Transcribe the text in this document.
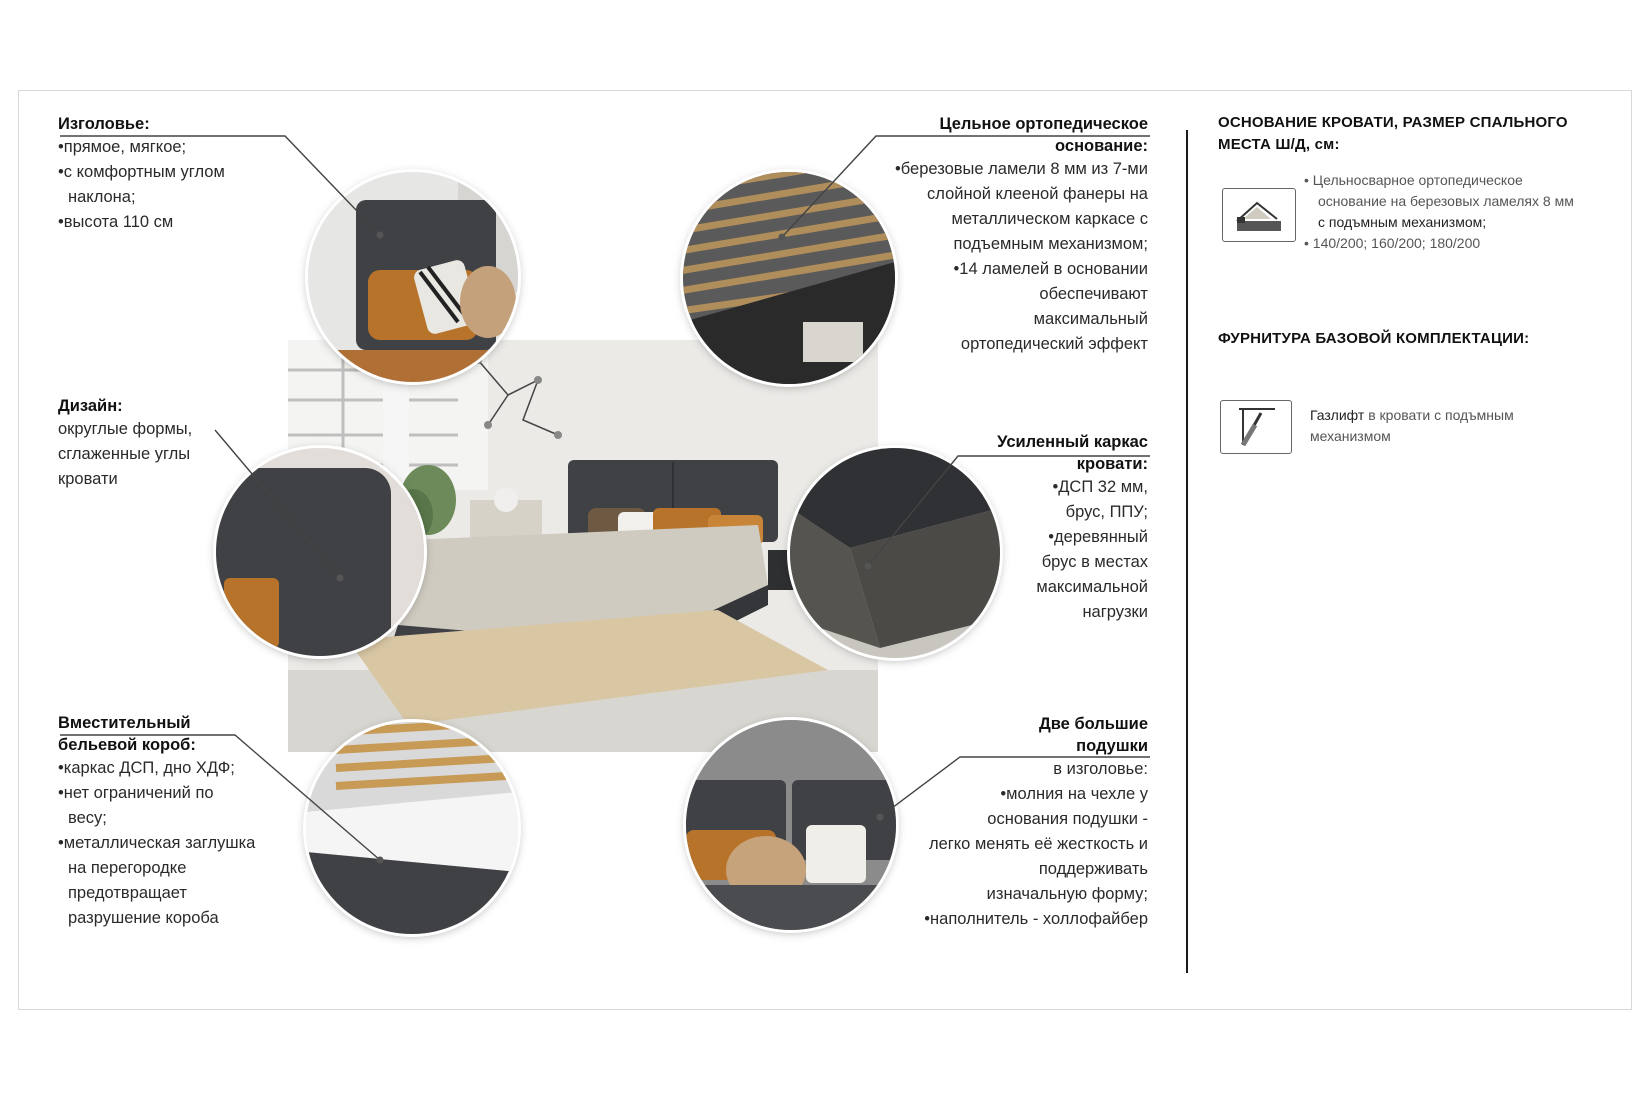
Изголовье:
•прямое, мягкое;
•с комфортным углом
наклона;
•высота 110 см
Дизайн:
округлые формы,
сглаженные углы
кровати
Вместительный
бельевой короб:
•каркас ДСП, дно ХДФ;
•нет ограничений по
весу;
•металлическая заглушка
на перегородке
предотвращает
разрушение короба
Цельное ортопедическое
основание:
•березовые ламели 8 мм из 7-ми
слойной клееной фанеры на
металлическом каркасе с
подъемным механизмом;
•14 ламелей в основании
обеспечивают
максимальный
ортопедический эффект
Усиленный каркас
кровати:
•ДСП 32 мм,
брус, ППУ;
•деревянный
брус в местах
максимальной
нагрузки
Две большие
подушки
в изголовье:
•молния на чехле у
основания подушки -
легко менять её жесткость и
поддерживать
изначальную форму;
•наполнитель - холлофайбер
ОСНОВАНИЕ КРОВАТИ, РАЗМЕР СПАЛЬНОГО
МЕСТА Ш/Д, см:
• Цельносварное ортопедическое
основание на березовых ламелях 8 мм
с подъмным механизмом;
• 140/200; 160/200; 180/200
ФУРНИТУРА БАЗОВОЙ КОМПЛЕКТАЦИИ:
Газлифт в кровати с подъмным
механизмом
